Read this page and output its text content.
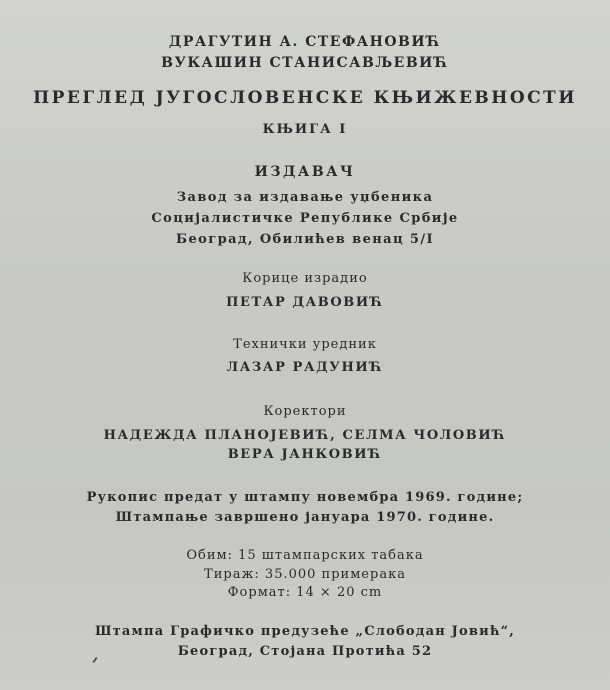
ДРАГУТИН А. СТЕФАНОВИЋ
ВУКАШИН СТАНИСАВЉЕВИЋ
ПРЕГЛЕД ЈУГОСЛОВЕНСКЕ КЊИЖЕВНОСТИ
КЊИГА I
ИЗДАВАЧ
Завод за издавање уџбеника
Социјалистичке Републике Србије
Београд, Обилићев венац 5/I
Корицe израдио
ПЕТАР ДАВОВИЋ
Технички уредник
ЛАЗАР РАДУНИЋ
Коректори
НАДЕЖДА ПЛАНОЈЕВИЋ, СЕЛМА ЧОЛОВИЋ
ВЕРА ЈАНКОВИЋ
Рукопис предат у штампу новембра 1969. године;
Штампање завршено јануара 1970. године.
Обим: 15 штампарских табака
Тираж: 35.000 примерака
Формат: 14 × 20 cm
Штампа Графичко предузеће „Слободан Јовић“,
Београд, Стојана Протића 52
